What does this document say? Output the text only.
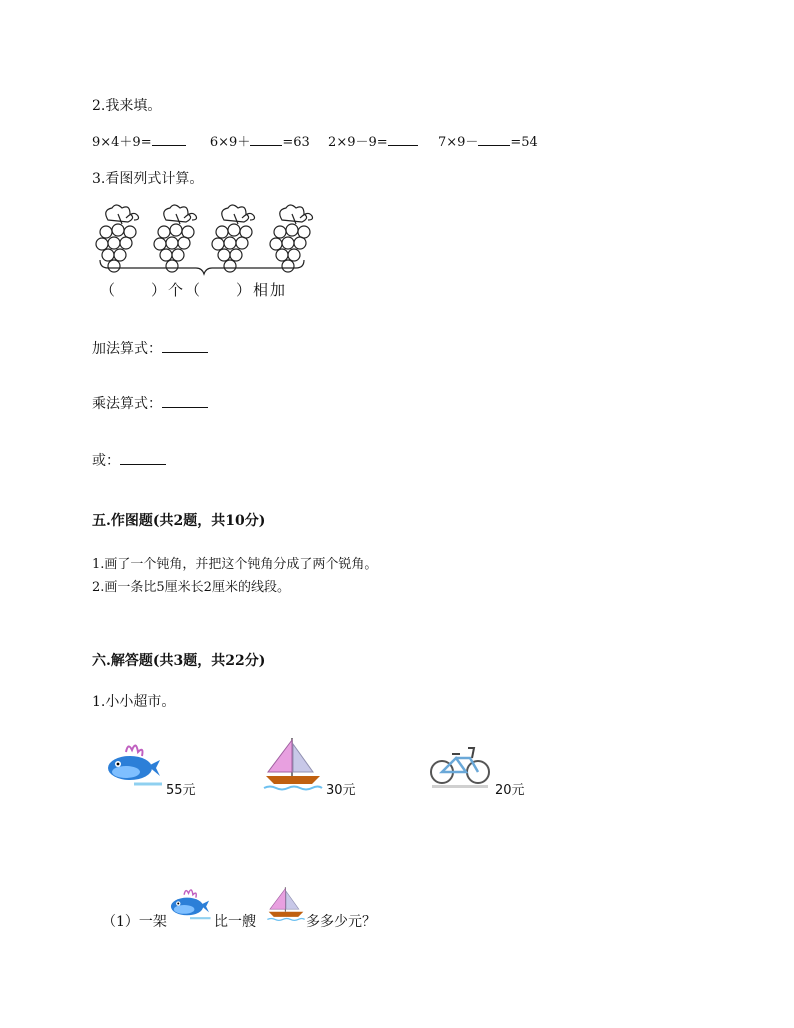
2.我来填。
9×4＋9=	6×9＋ =63 2×9－9=	7×9－ =54
3.看图列式计算。
（　　）个（　　）相加
加法算式：
乘法算式：
或：
五.作图题(共2题，共10分)
1.画了一个钝角，并把这个钝角分成了两个锐角。
2.画一条比5厘米长2厘米的线段。
六.解答题(共3题，共22分)
1.小小超市。
55元	30元	20元
（1）一架	比一艘	多多少元？
